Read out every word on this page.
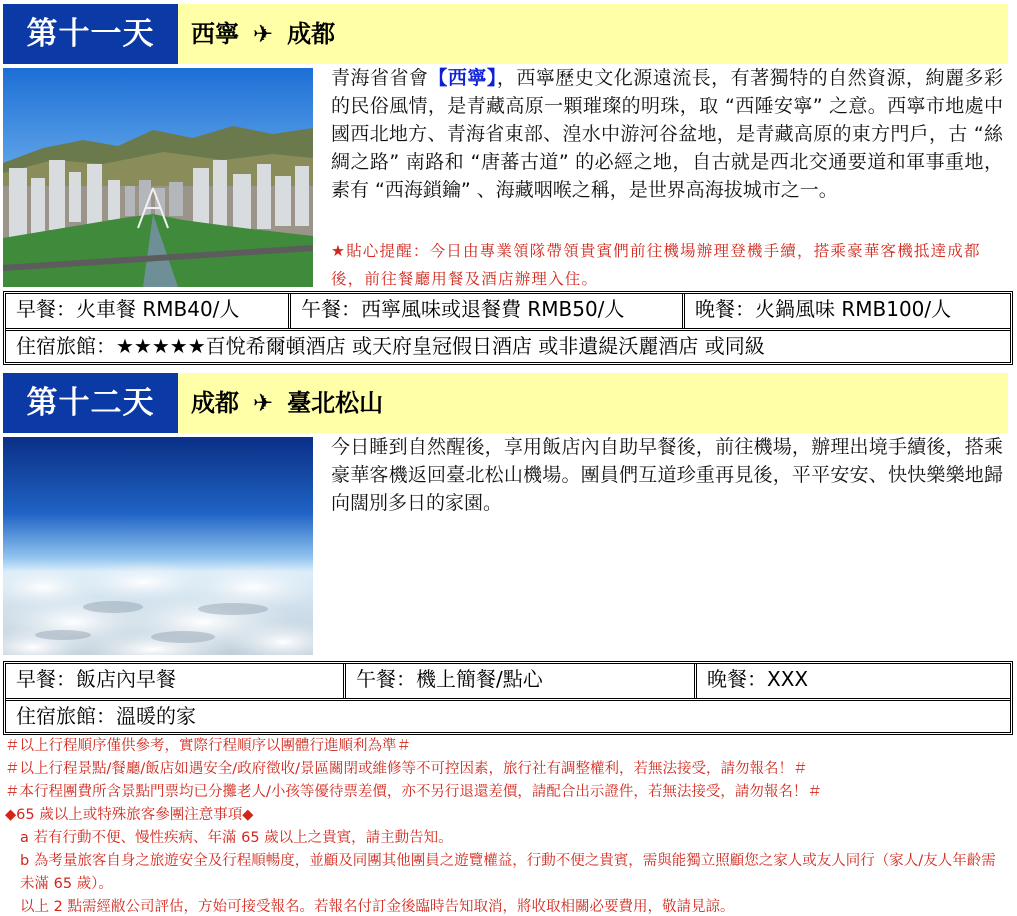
第十一天	西寧 ✈ 成都
青海省省會【西寧】，西寧歷史文化源遠流長，有著獨特的自然資源，絢麗多彩的民俗風情，是青藏高原一顆璀璨的明珠，取 “西陲安寧” 之意。西寧市地處中國西北地方、青海省東部、湟水中游河谷盆地，是青藏高原的東方門戶，古 “絲綢之路” 南路和 “唐蕃古道” 的必經之地，自古就是西北交通要道和軍事重地，素有 “西海鎖鑰” 、海藏咽喉之稱，是世界高海拔城市之一。
★貼心提醒：今日由專業領隊帶領貴賓們前往機場辦理登機手續，搭乘豪華客機抵達成都後，前往餐廳用餐及酒店辦理入住。
早餐：火車餐 RMB40/人	午餐：西寧風味或退餐費 RMB50/人	晚餐：火鍋風味 RMB100/人
住宿旅館：★★★★★百悅希爾頓酒店 或天府皇冠假日酒店 或非遺緹沃麗酒店 或同級
第十二天	成都 ✈ 臺北松山
今日睡到自然醒後，享用飯店內自助早餐後，前往機場，辦理出境手續後，搭乘豪華客機返回臺北松山機場。團員們互道珍重再見後，平平安安、快快樂樂地歸向闊別多日的家園。
早餐：飯店內早餐	午餐：機上簡餐/點心	晚餐：XXX
住宿旅館：溫暖的家
＃以上行程順序僅供參考，實際行程順序以團體行進順利為準＃
＃以上行程景點/餐廳/飯店如遇安全/政府徵收/景區關閉或維修等不可控因素，旅行社有調整權利，若無法接受，請勿報名！＃
＃本行程團費所含景點門票均已分攤老人/小孩等優待票差價，亦不另行退還差價，請配合出示證件，若無法接受，請勿報名！＃
◆65 歲以上或特殊旅客參團注意事項◆
a 若有行動不便、慢性疾病、年滿 65 歲以上之貴賓，請主動告知。
b 為考量旅客自身之旅遊安全及行程順暢度，並顧及同團其他團員之遊覽權益，行動不便之貴賓，需與能獨立照顧您之家人或友人同行（家人/友人年齡需未滿 65 歲）。
以上 2 點需經敝公司評估，方始可接受報名。若報名付訂金後臨時告知取消，將收取相關必要費用，敬請見諒。
